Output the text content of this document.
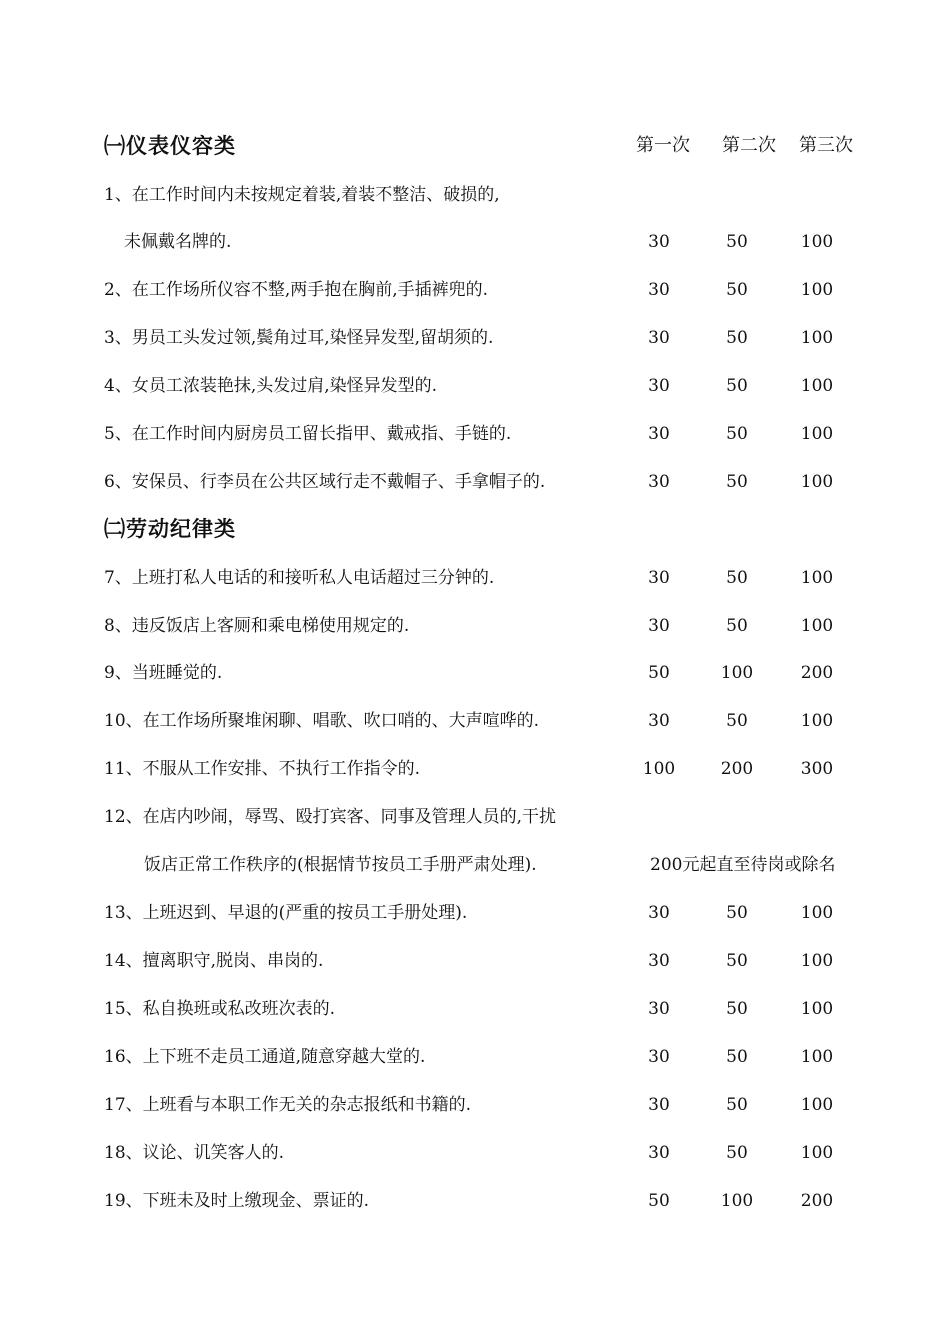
㈠仪表仪容类	第一次 第二次 第三次
1、在工作时间内未按规定着装,着装不整洁、破损的,
未佩戴名牌的.	30	50	100
2、在工作场所仪容不整,两手抱在胸前,手插裤兜的.	30	50	100
3、男员工头发过领,鬓角过耳,染怪异发型,留胡须的.	30	50	100
4、女员工浓装艳抹,头发过肩,染怪异发型的.	30	50	100
5、在工作时间内厨房员工留长指甲、戴戒指、手链的.	30	50	100
6、安保员、行李员在公共区域行走不戴帽子、手拿帽子的.	30	50	100
㈡劳动纪律类
7、上班打私人电话的和接听私人电话超过三分钟的.	30	50	100
8、违反饭店上客厕和乘电梯使用规定的.	30	50	100
9、当班睡觉的.	50	100	200
10、在工作场所聚堆闲聊、唱歌、吹口哨的、大声喧哗的.	30	50	100
11、不服从工作安排、不执行工作指令的.	100	200	300
12、在店内吵闹，辱骂、殴打宾客、同事及管理人员的,干扰
饭店正常工作秩序的(根据情节按员工手册严肃处理).	200元起直至待岗或除名
13、上班迟到、早退的(严重的按员工手册处理).	30	50	100
14、擅离职守,脱岗、串岗的.	30	50	100
15、私自换班或私改班次表的.	30	50	100
16、上下班不走员工通道,随意穿越大堂的.	30	50	100
17、上班看与本职工作无关的杂志报纸和书籍的.	30	50	100
18、议论、讥笑客人的.	30	50	100
19、下班未及时上缴现金、票证的.	50	100	200
